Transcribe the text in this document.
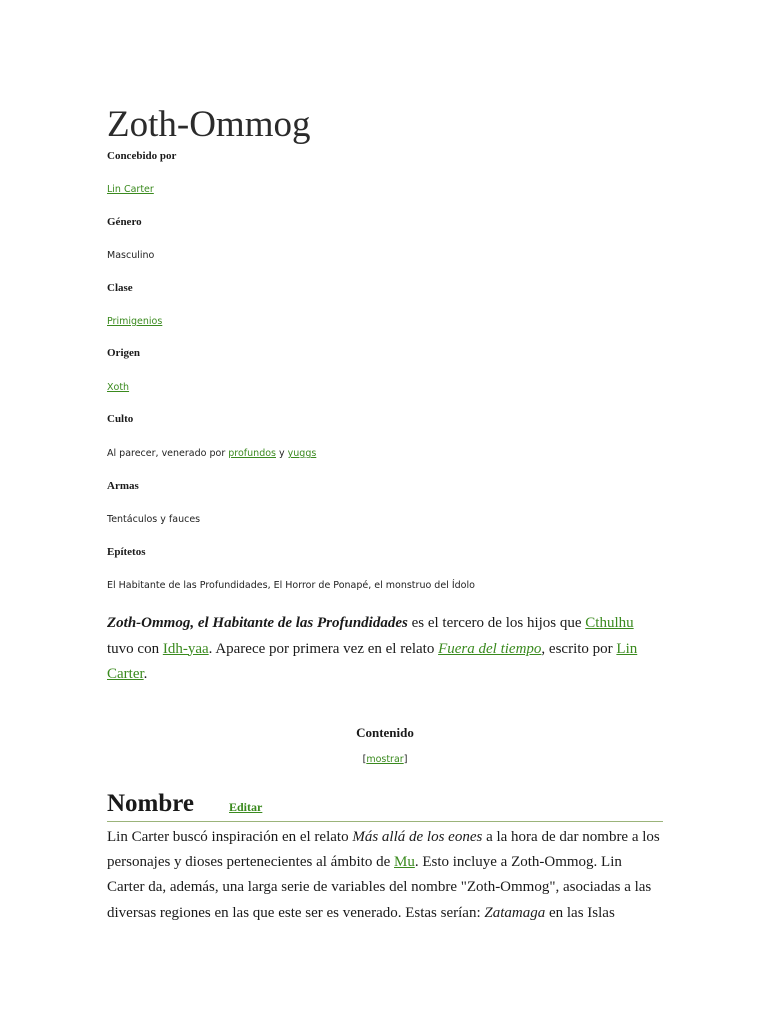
Zoth-Ommog
Concebido por
Lin Carter
Género
Masculino
Clase
Primigenios
Origen
Xoth
Culto
Al parecer, venerado por profundos y yuggs
Armas
Tentáculos y fauces
Epítetos
El Habitante de las Profundidades, El Horror de Ponapé, el monstruo del Ídolo
Zoth-Ommog, el Habitante de las Profundidades es el tercero de los hijos que Cthulhu tuvo con Idh-yaa. Aparece por primera vez en el relato Fuera del tiempo, escrito por Lin Carter.
Contenido
[mostrar]
Nombre	Editar

Lin Carter buscó inspiración en el relato Más allá de los eones a la hora de dar nombre a los personajes y dioses pertenecientes al ámbito de Mu. Esto incluye a Zoth-Ommog. Lin Carter da, además, una larga serie de variables del nombre "Zoth-Ommog", asociadas a las diversas regiones en las que este ser es venerado. Estas serían: Zatamaga en las Islas
